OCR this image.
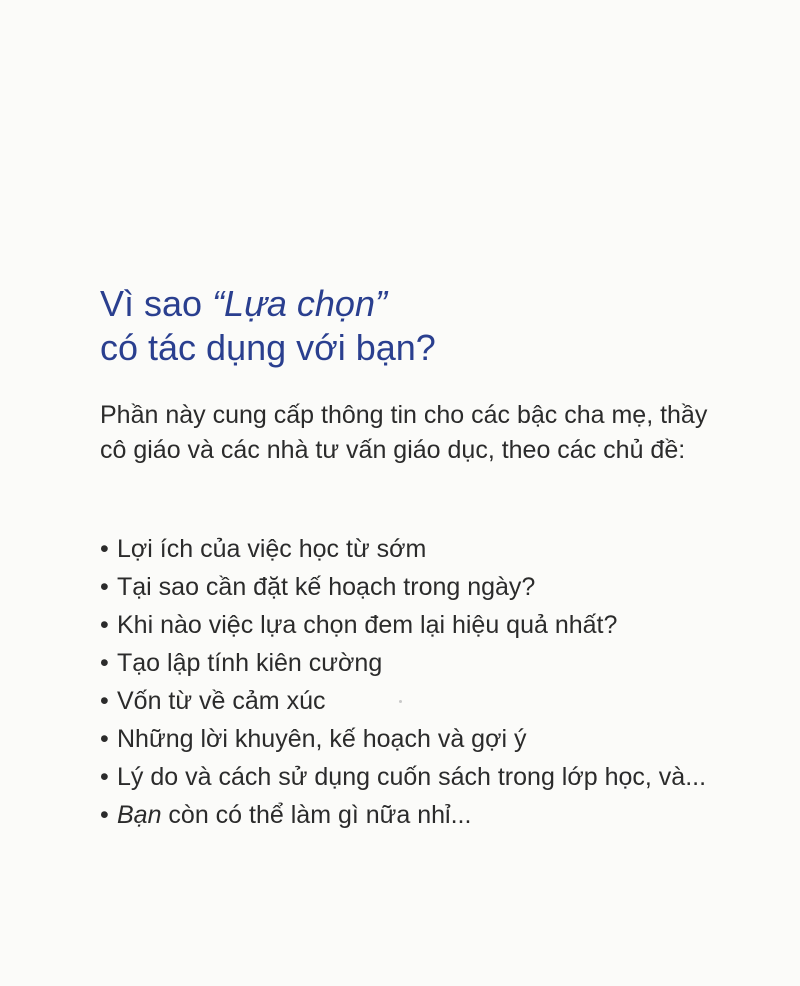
Vì sao “Lựa chọn”
có tác dụng với bạn?

Phần này cung cấp thông tin cho các bậc cha mẹ, thầy cô giáo và các nhà tư vấn giáo dục, theo các chủ đề:

• Lợi ích của việc học từ sớm
• Tại sao cần đặt kế hoạch trong ngày?
• Khi nào việc lựa chọn đem lại hiệu quả nhất?
• Tạo lập tính kiên cường
• Vốn từ về cảm xúc
• Những lời khuyên, kế hoạch và gợi ý
• Lý do và cách sử dụng cuốn sách trong lớp học, và...
• Bạn còn có thể làm gì nữa nhỉ...
